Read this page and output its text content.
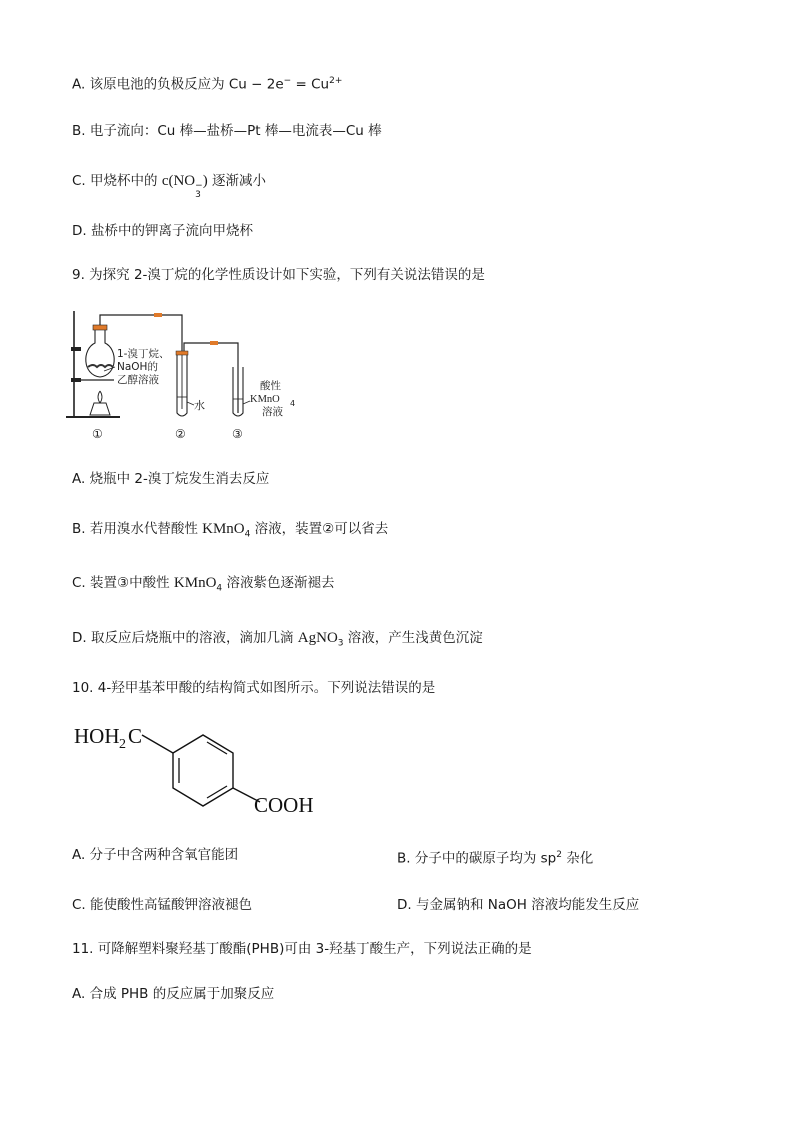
A. 该原电池的负极反应为 $Cu - 2e^- = Cu^{2+}$
B. 电子流向：Cu 棒—盐桥—Pt 棒—电流表—Cu 棒
C. 甲烧杯中的 c(NO −
3
) 逐渐减小
D. 盐桥中的钾离子流向甲烧杯
9. 为探究 2-溴丁烷的化学性质设计如下实验，下列有关说法错误的是
1-溴丁烷、
NaOH的
乙醇溶液
水
酸性
KMnO 4
溶液
①	②	③
A. 烧瓶中 2-溴丁烷发生消去反应
B. 若用溴水代替酸性 KMnO$_4$ 溶液，装置②可以省去
C. 装置③中酸性 KMnO$_4$ 溶液紫色逐渐褪去
D. 取反应后烧瓶中的溶液，滴加几滴 AgNO$_3$ 溶液，产生浅黄色沉淀
10. 4-羟甲基苯甲酸的结构简式如图所示。下列说法错误的是
HOH 2 C
COOH
A. 分子中含两种含氧官能团	B. 分子中的碳原子均为 $sp^2$ 杂化
C. 能使酸性高锰酸钾溶液褪色	D. 与金属钠和 NaOH 溶液均能发生反应
11. 可降解塑料聚羟基丁酸酯(PHB)可由 3-羟基丁酸生产，下列说法正确的是
A. 合成 PHB 的反应属于加聚反应
